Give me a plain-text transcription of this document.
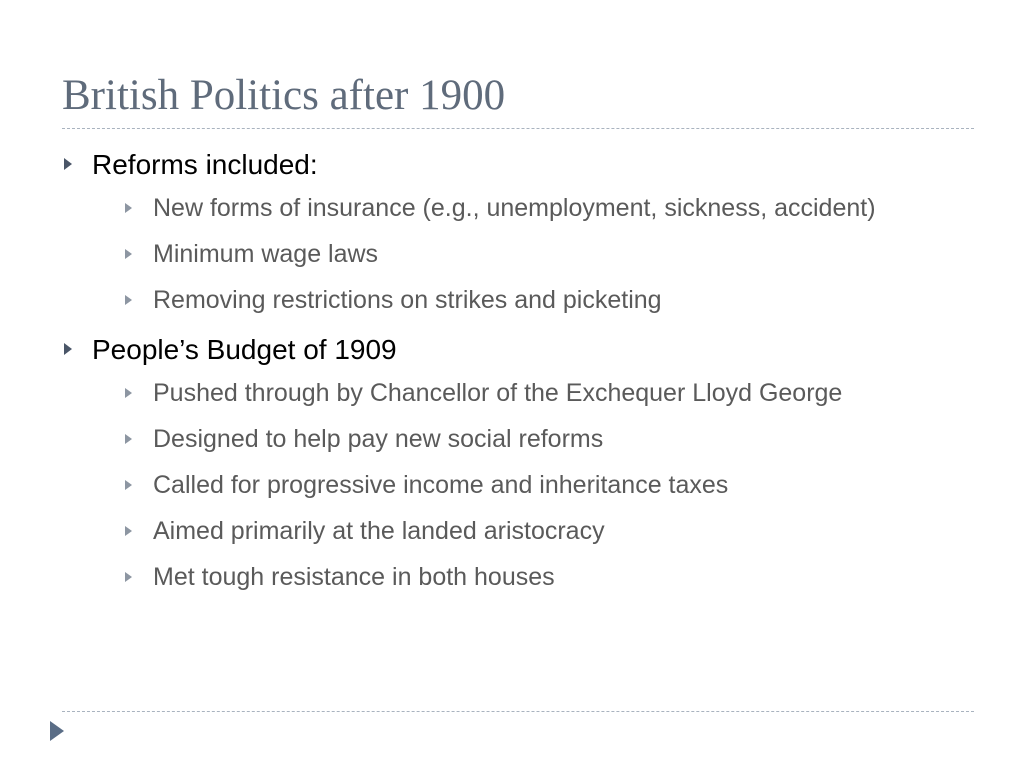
British Politics after 1900
Reforms included:
New forms of insurance (e.g., unemployment, sickness, accident)
Minimum wage laws
Removing restrictions on strikes and picketing
People’s Budget of 1909
Pushed through by Chancellor of the Exchequer Lloyd George
Designed to help pay new social reforms
Called for progressive income and inheritance taxes
Aimed primarily at the landed aristocracy
Met tough resistance in both houses
